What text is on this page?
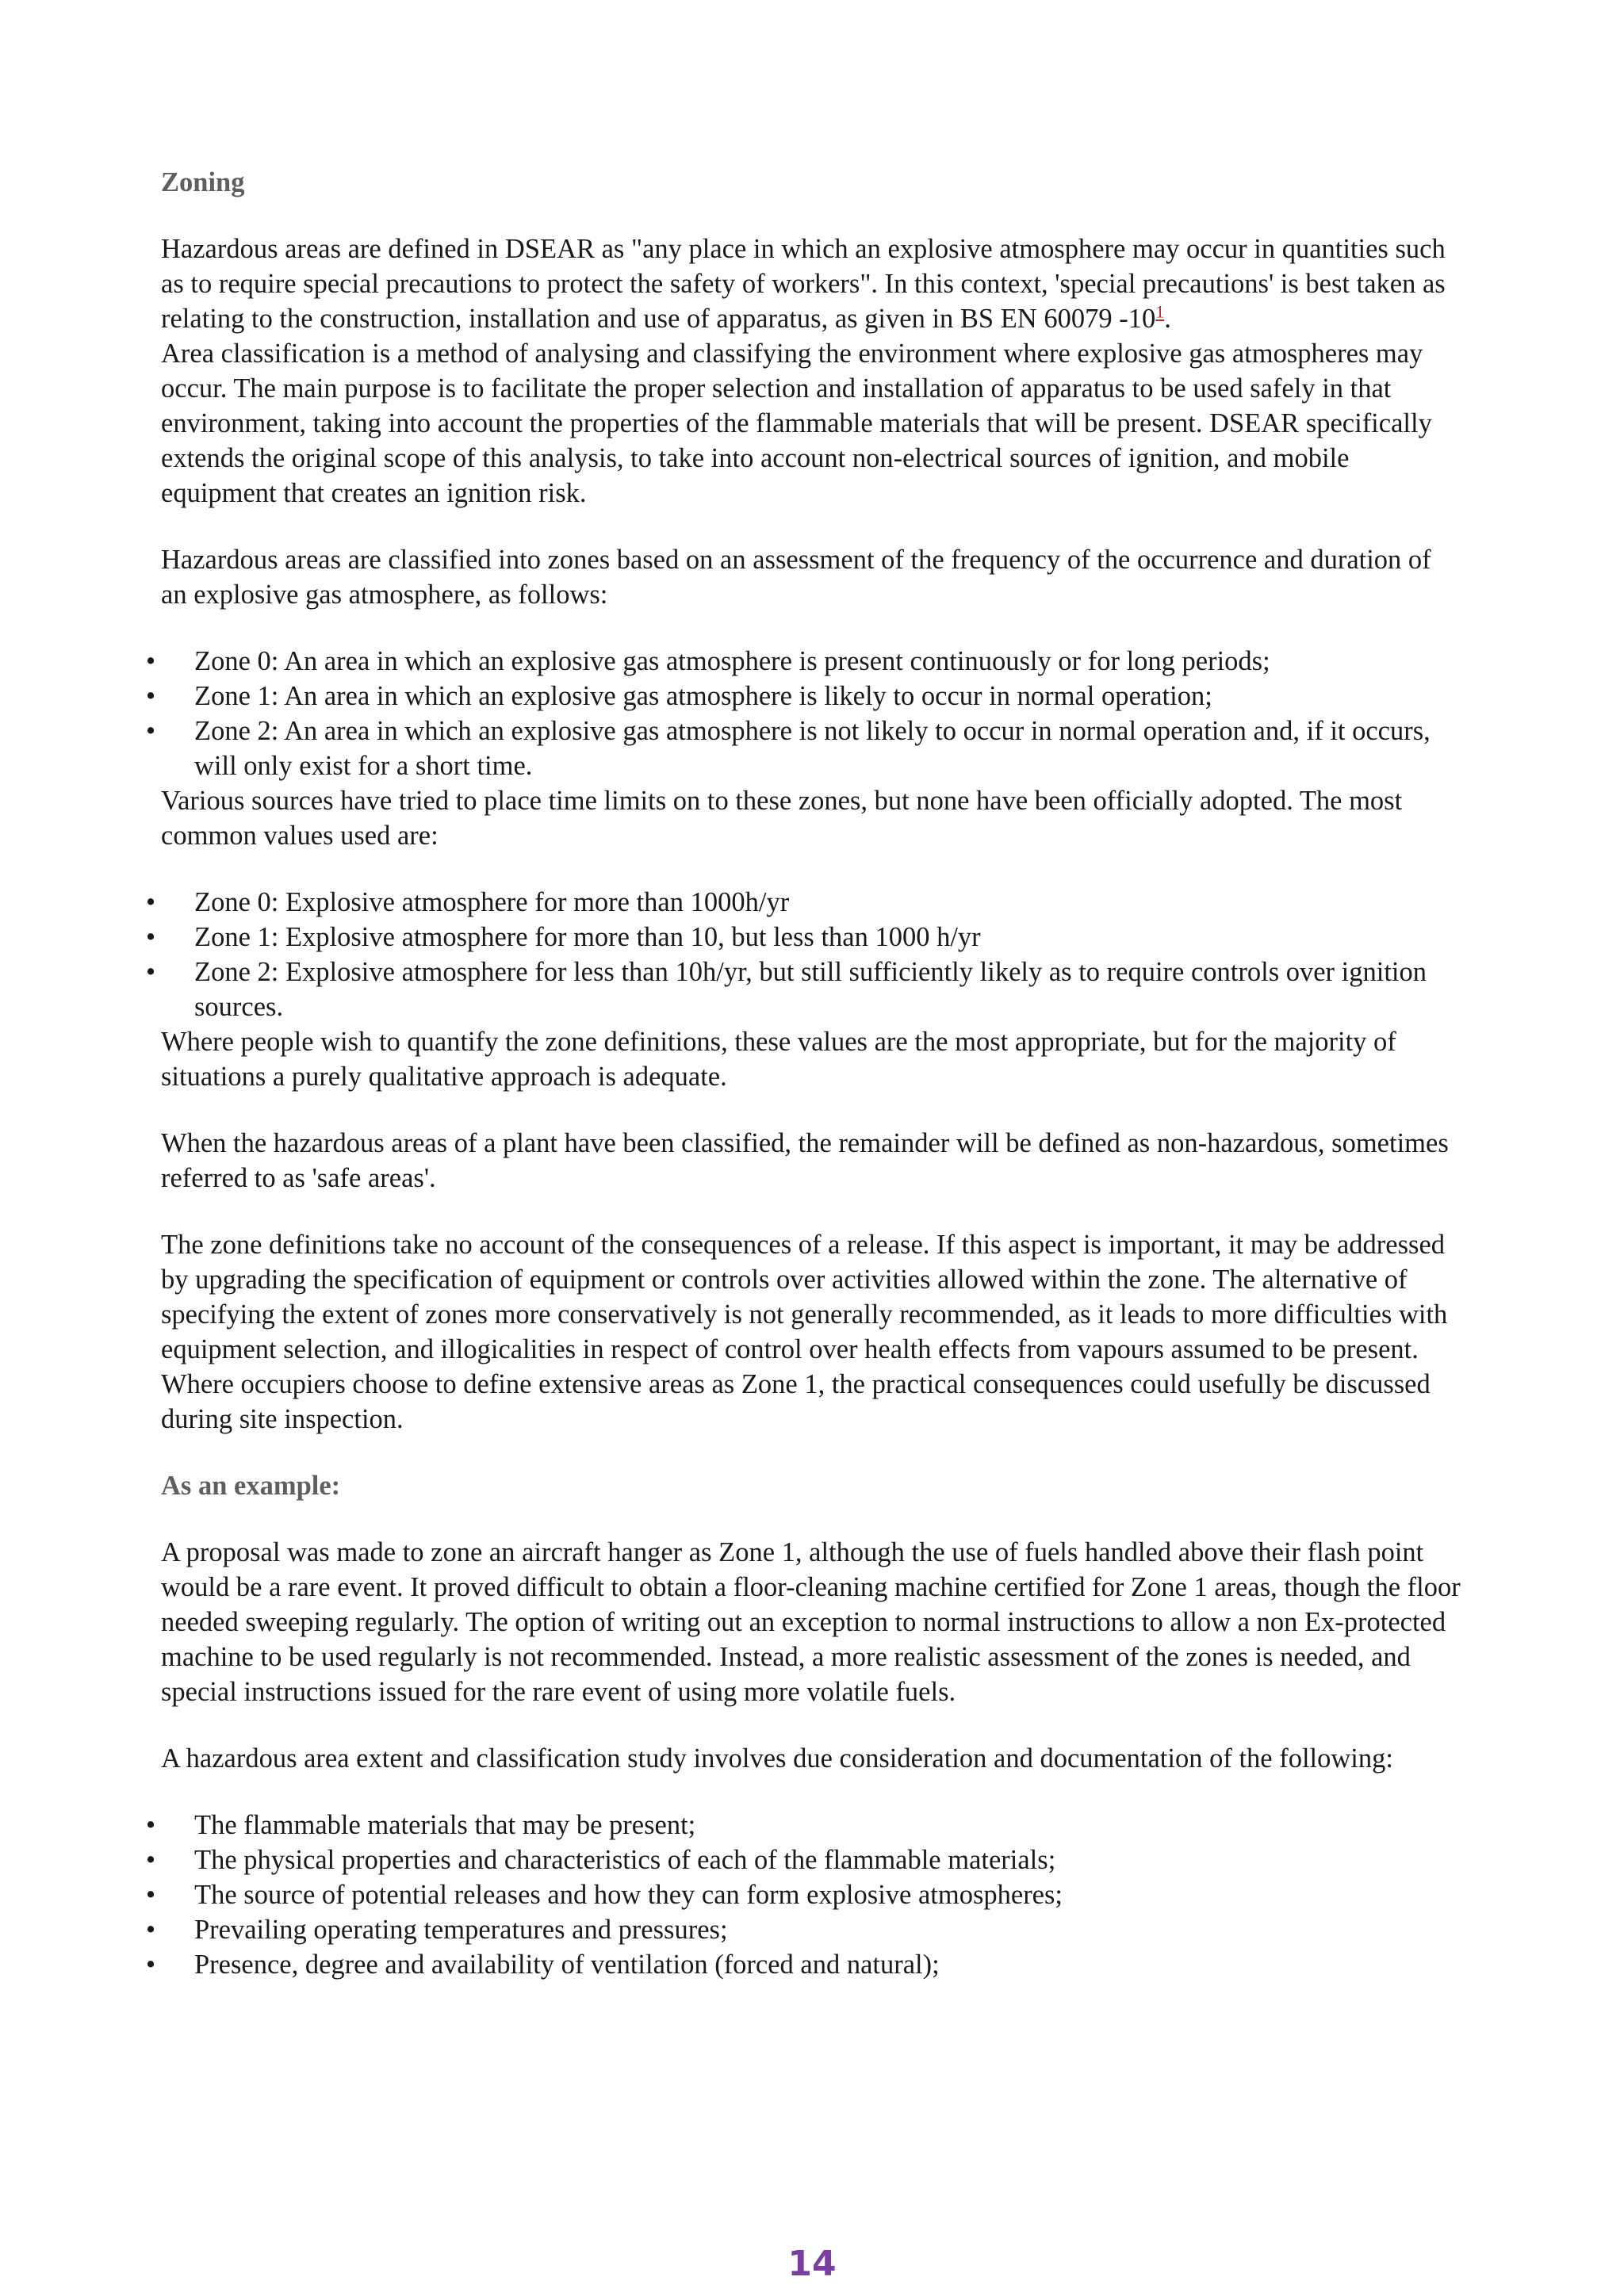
Zoning

Hazardous areas are defined in DSEAR as "any place in which an explosive atmosphere may occur in quantities such as to require special precautions to protect the safety of workers". In this context, 'special precautions' is best taken as relating to the construction, installation and use of apparatus, as given in BS EN 60079 -10$^1$.

Area classification is a method of analysing and classifying the environment where explosive gas atmospheres may occur. The main purpose is to facilitate the proper selection and installation of apparatus to be used safely in that environment, taking into account the properties of the flammable materials that will be present. DSEAR specifically extends the original scope of this analysis, to take into account non-electrical sources of ignition, and mobile equipment that creates an ignition risk.

Hazardous areas are classified into zones based on an assessment of the frequency of the occurrence and duration of an explosive gas atmosphere, as follows:

• Zone 0: An area in which an explosive gas atmosphere is present continuously or for long periods;
• Zone 1: An area in which an explosive gas atmosphere is likely to occur in normal operation;
• Zone 2: An area in which an explosive gas atmosphere is not likely to occur in normal operation and, if it occurs, will only exist for a short time.

Various sources have tried to place time limits on to these zones, but none have been officially adopted. The most common values used are:

• Zone 0: Explosive atmosphere for more than 1000h/yr
• Zone 1: Explosive atmosphere for more than 10, but less than 1000 h/yr
• Zone 2: Explosive atmosphere for less than 10h/yr, but still sufficiently likely as to require controls over ignition sources.

Where people wish to quantify the zone definitions, these values are the most appropriate, but for the majority of situations a purely qualitative approach is adequate.

When the hazardous areas of a plant have been classified, the remainder will be defined as non-hazardous, sometimes referred to as 'safe areas'.

The zone definitions take no account of the consequences of a release. If this aspect is important, it may be addressed by upgrading the specification of equipment or controls over activities allowed within the zone. The alternative of specifying the extent of zones more conservatively is not generally recommended, as it leads to more difficulties with equipment selection, and illogicalities in respect of control over health effects from vapours assumed to be present. Where occupiers choose to define extensive areas as Zone 1, the practical consequences could usefully be discussed during site inspection.

As an example:

A proposal was made to zone an aircraft hanger as Zone 1, although the use of fuels handled above their flash point would be a rare event. It proved difficult to obtain a floor-cleaning machine certified for Zone 1 areas, though the floor needed sweeping regularly. The option of writing out an exception to normal instructions to allow a non Ex-protected machine to be used regularly is not recommended. Instead, a more realistic assessment of the zones is needed, and special instructions issued for the rare event of using more volatile fuels.

A hazardous area extent and classification study involves due consideration and documentation of the following:

• The flammable materials that may be present;
• The physical properties and characteristics of each of the flammable materials;
• The source of potential releases and how they can form explosive atmospheres;
• Prevailing operating temperatures and pressures;
• Presence, degree and availability of ventilation (forced and natural);
14
